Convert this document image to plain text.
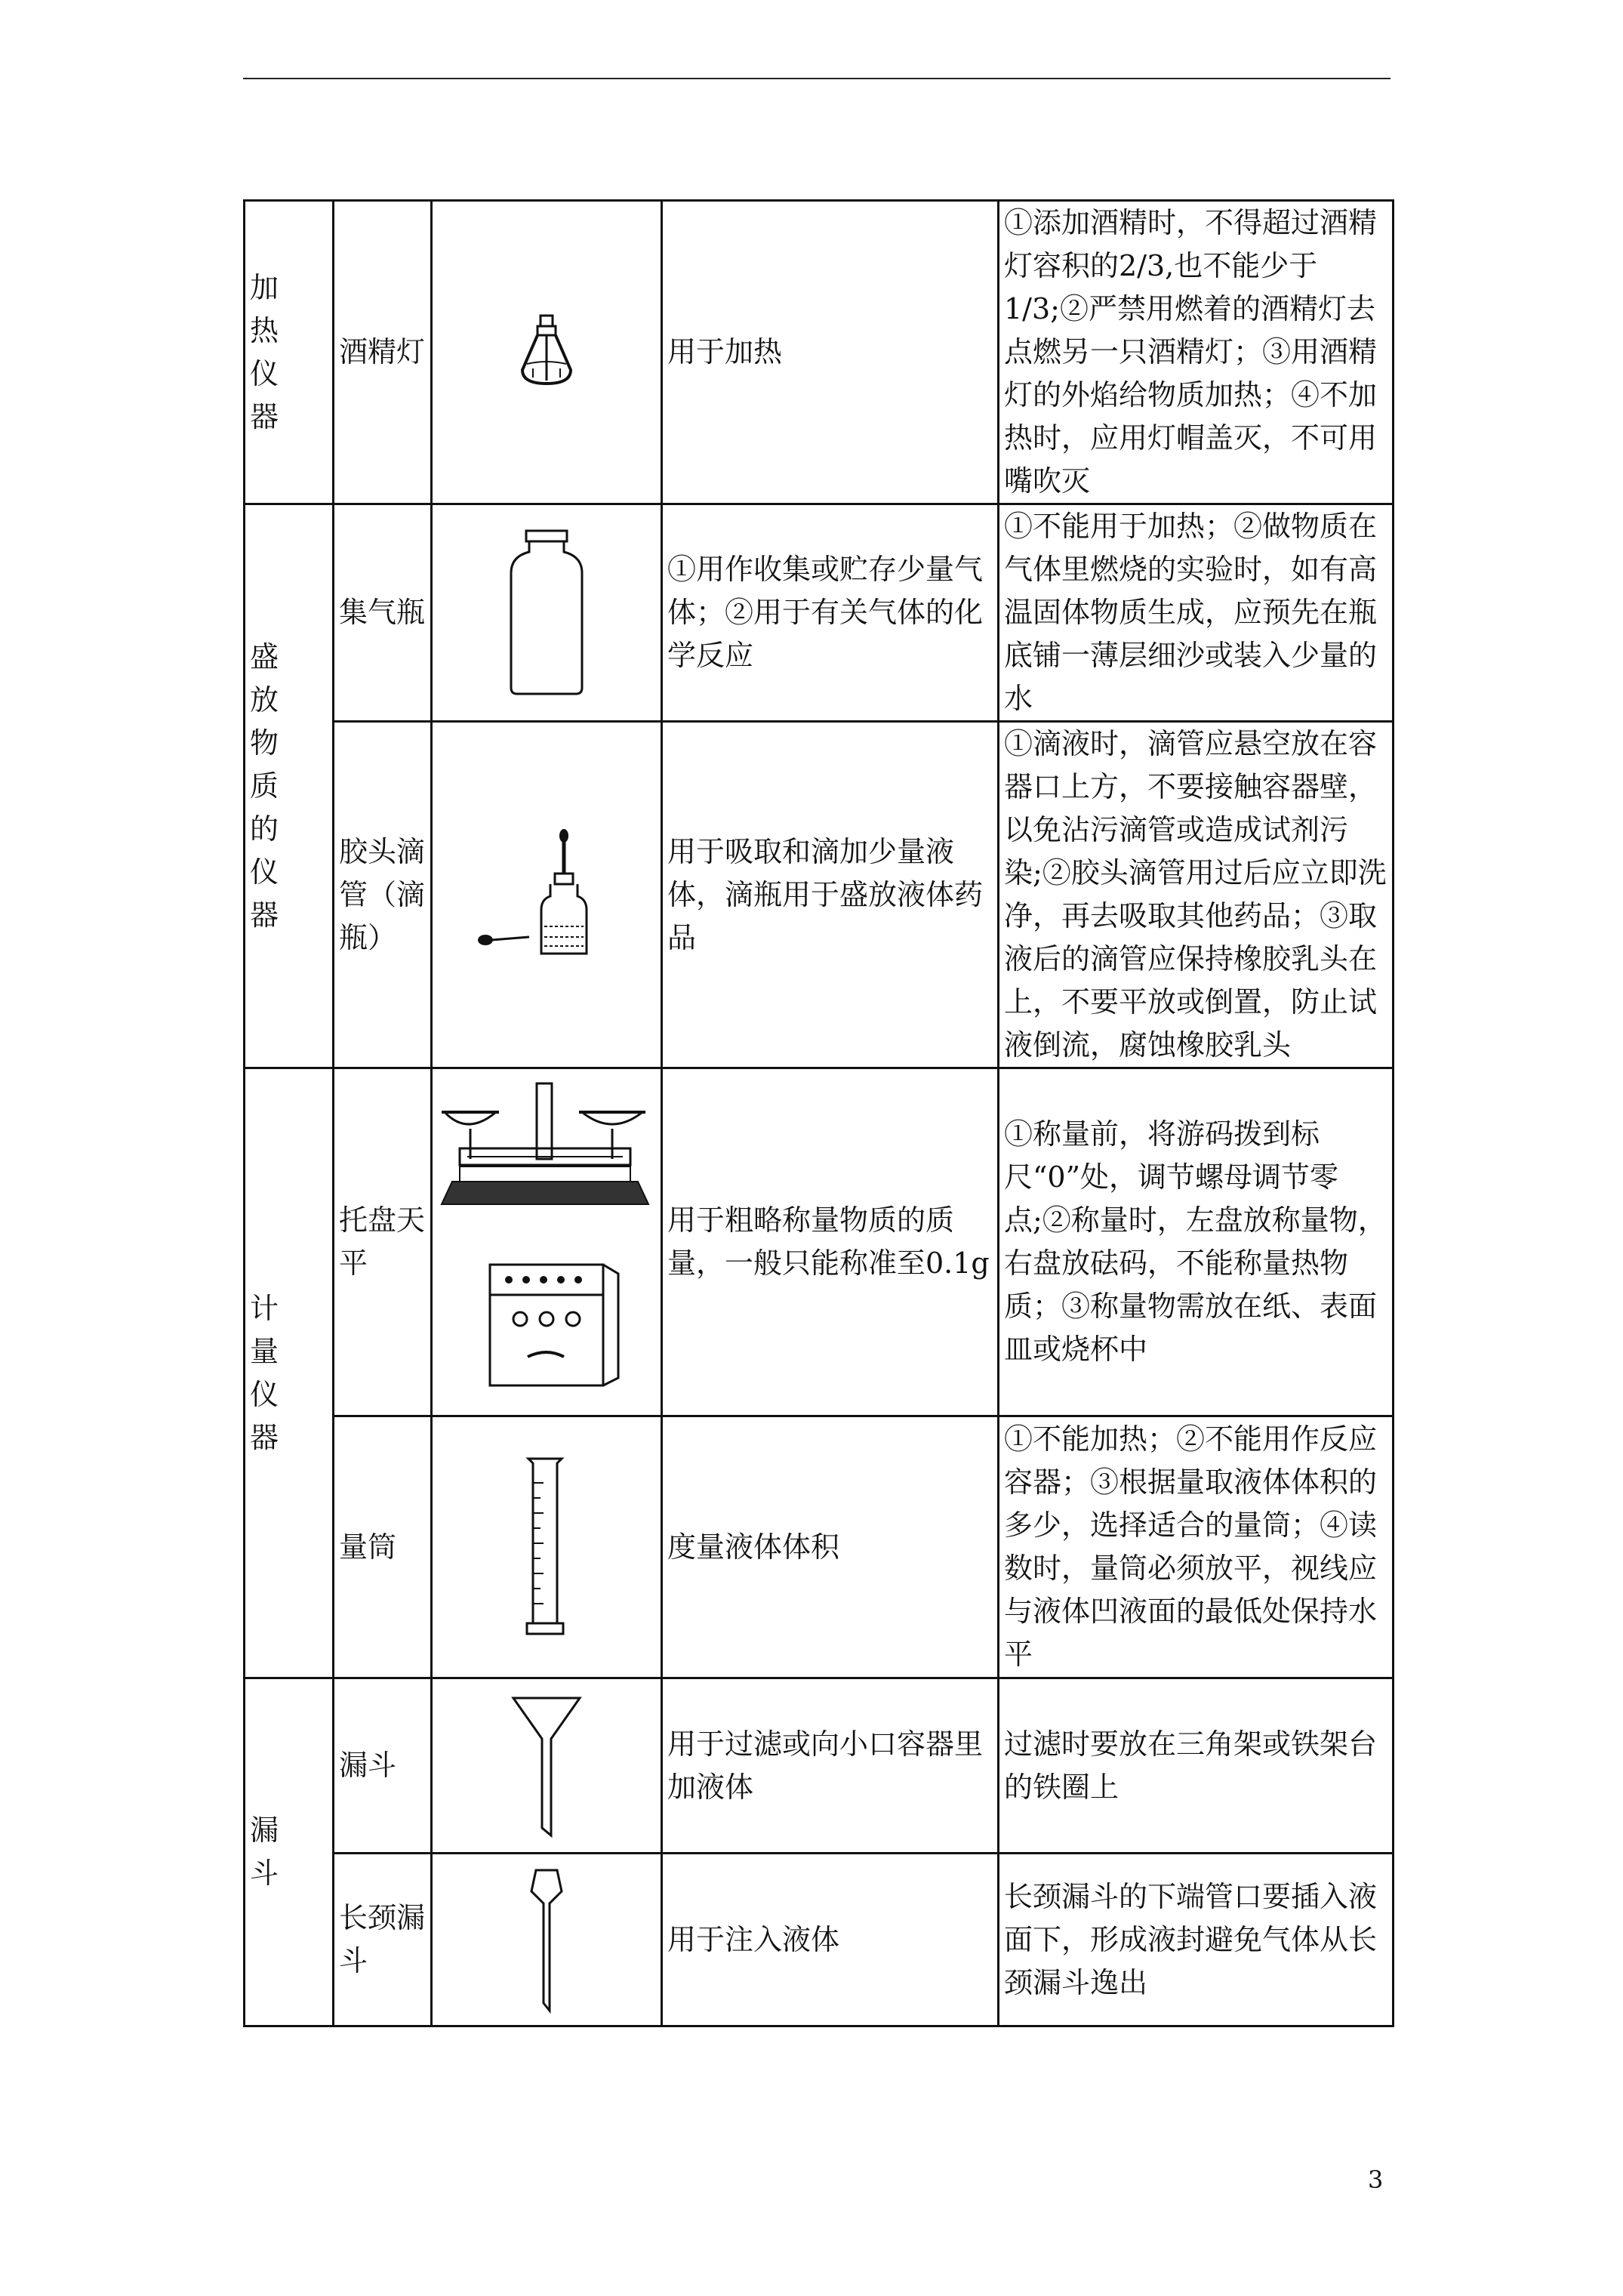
加热仪器	酒精灯		用于加热	①添加酒精时，不得超过酒精灯容积的2/3,也不能少于1/3;②严禁用燃着的酒精灯去点燃另一只酒精灯；③用酒精灯的外焰给物质加热；④不加热时，应用灯帽盖灭，不可用嘴吹灭

盛放物质的仪器	集气瓶		①用作收集或贮存少量气体；②用于有关气体的化学反应	①不能用于加热；②做物质在气体里燃烧的实验时，如有高温固体物质生成，应预先在瓶底铺一薄层细沙或装入少量的水
	胶头滴管（滴瓶）		用于吸取和滴加少量液体，滴瓶用于盛放液体药品	①滴液时，滴管应悬空放在容器口上方，不要接触容器壁，以免沾污滴管或造成试剂污染;②胶头滴管用过后应立即洗净，再去吸取其他药品；③取液后的滴管应保持橡胶乳头在上，不要平放或倒置，防止试液倒流，腐蚀橡胶乳头

计量仪器	托盘天平		用于粗略称量物质的质量，一般只能称准至0.1g	①称量前，将游码拨到标尺“0”处，调节螺母调节零点;②称量时，左盘放称量物，右盘放砝码，不能称量热物质；③称量物需放在纸、表面皿或烧杯中
	量筒		度量液体体积	①不能加热；②不能用作反应容器；③根据量取液体体积的多少，选择适合的量筒；④读数时，量筒必须放平，视线应与液体凹液面的最低处保持水平

漏斗	漏斗		用于过滤或向小口容器里加液体	过滤时要放在三角架或铁架台的铁圈上
	长颈漏斗		用于注入液体	长颈漏斗的下端管口要插入液面下，形成液封避免气体从长颈漏斗逸出
3
